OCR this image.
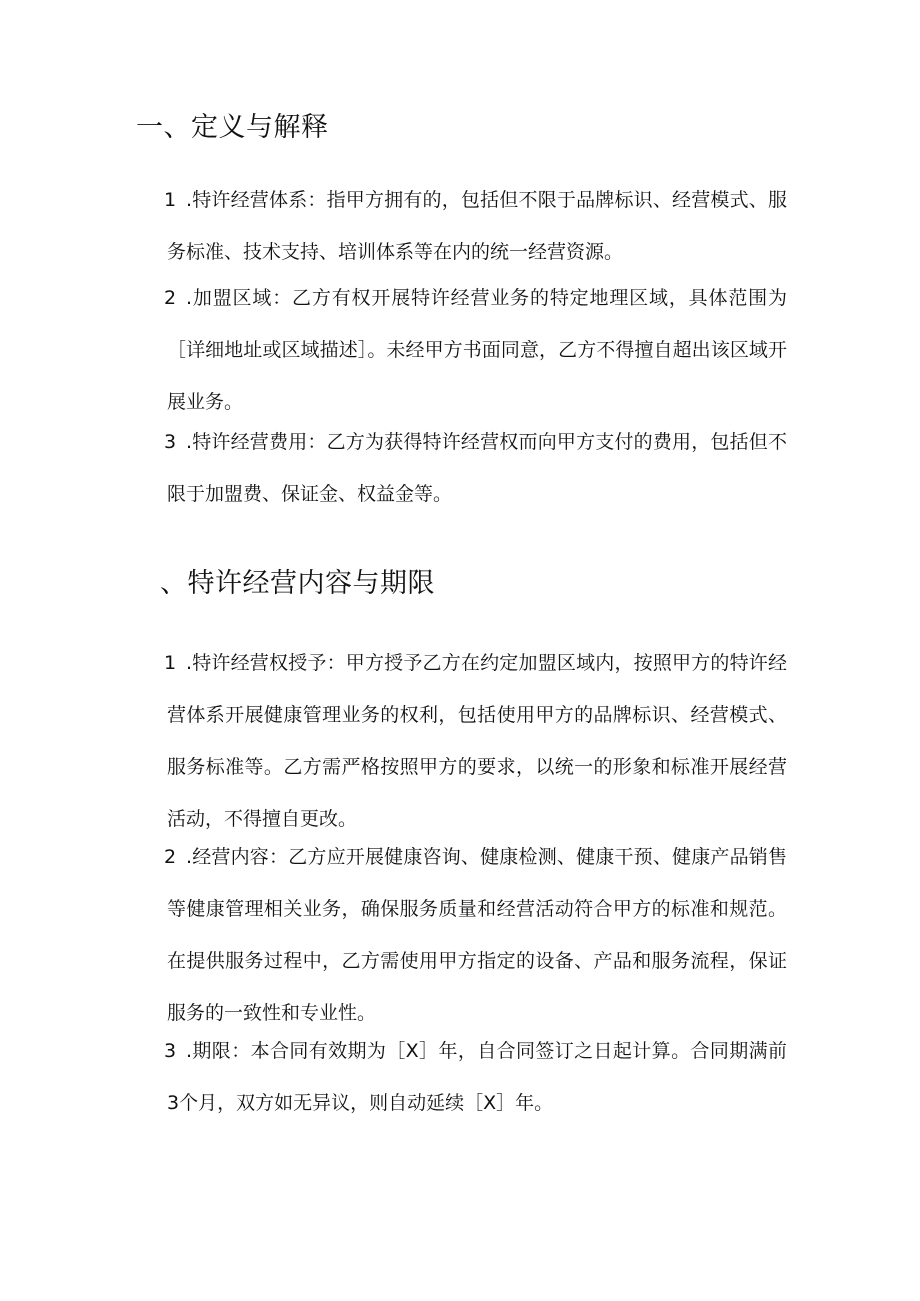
一、定义与解释
1 .特许经营体系：指甲方拥有的，包括但不限于品牌标识、经营模式、服务标准、技术支持、培训体系等在内的统一经营资源。

2 .加盟区域：乙方有权开展特许经营业务的特定地理区域，具体范围为［详细地址或区域描述］。未经甲方书面同意，乙方不得擅自超出该区域开展业务。

3 .特许经营费用：乙方为获得特许经营权而向甲方支付的费用，包括但不限于加盟费、保证金、权益金等。

、特许经营内容与期限
1 .特许经营权授予：甲方授予乙方在约定加盟区域内，按照甲方的特许经营体系开展健康管理业务的权利，包括使用甲方的品牌标识、经营模式、服务标准等。乙方需严格按照甲方的要求，以统一的形象和标准开展经营活动，不得擅自更改。

2 .经营内容：乙方应开展健康咨询、健康检测、健康干预、健康产品销售等健康管理相关业务，确保服务质量和经营活动符合甲方的标准和规范。在提供服务过程中，乙方需使用甲方指定的设备、产品和服务流程，保证服务的一致性和专业性。

3 .期限：本合同有效期为［X］年，自合同签订之日起计算。合同期满前3个月，双方如无异议，则自动延续［X］年。
